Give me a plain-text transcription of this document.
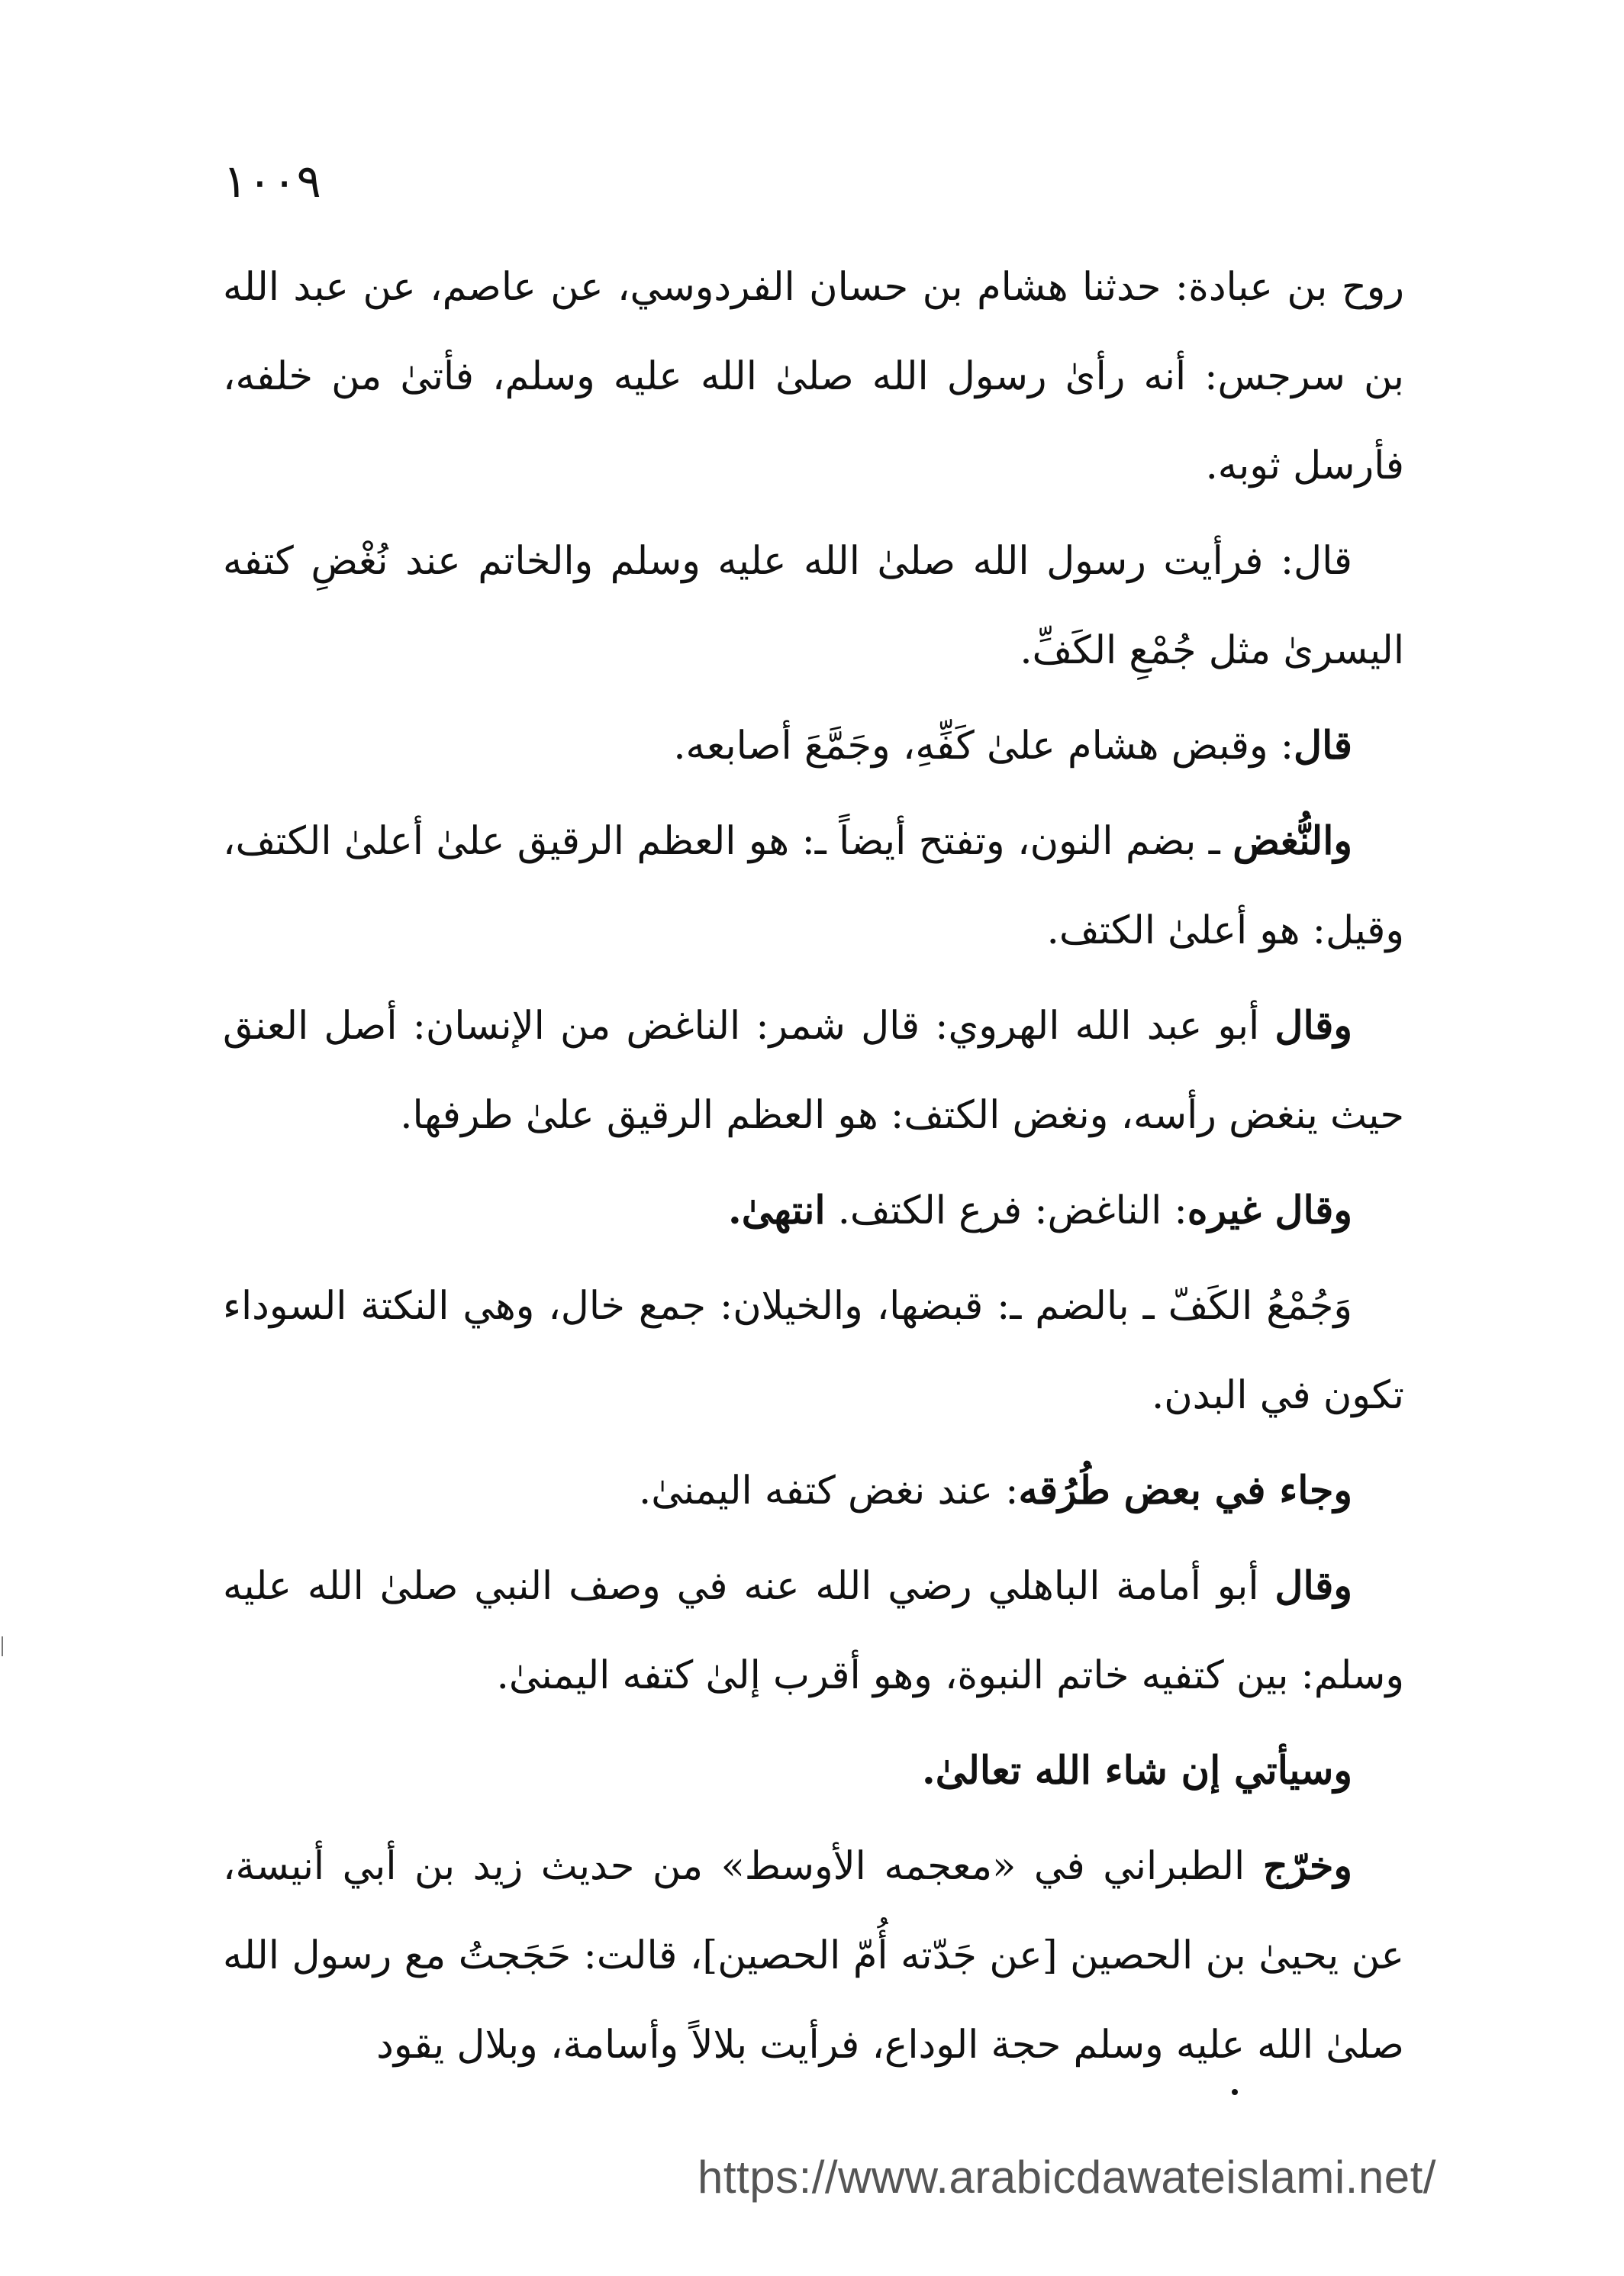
١٠٠٩

روح بن عبادة: حدثنا هشام بن حسان الفردوسي، عن عاصم، عن عبد الله بن سرجس: أنه رأىٰ رسول الله صلىٰ الله عليه وسلم، فأتىٰ من خلفه، فأرسل ثوبه.

قال: فرأيت رسول الله صلىٰ الله عليه وسلم والخاتم عند نُغْضِ كتفه اليسرىٰ مثل جُمْعِ الكَفِّ.

قال: وقبض هشام علىٰ كَفِّهِ، وجَمَّعَ أصابعه.

والنُّغض ـ بضم النون، وتفتح أيضاً ـ: هو العظم الرقيق علىٰ أعلىٰ الكتف، وقيل: هو أعلىٰ الكتف.

وقال أبو عبد الله الهروي: قال شمر: الناغض من الإنسان: أصل العنق حيث ينغض رأسه، ونغض الكتف: هو العظم الرقيق علىٰ طرفها.

وقال غيره: الناغض: فرع الكتف. انتهىٰ.

وَجُمْعُ الكَفّ ـ بالضم ـ: قبضها، والخيلان: جمع خال، وهي النكتة السوداء تكون في البدن.

وجاء في بعض طُرُقه: عند نغض كتفه اليمنىٰ.

وقال أبو أمامة الباهلي رضي الله عنه في وصف النبي صلىٰ الله عليه وسلم: بين كتفيه خاتم النبوة، وهو أقرب إلىٰ كتفه اليمنىٰ.

وسيأتي إن شاء الله تعالىٰ.

وخرّج الطبراني في «معجمه الأوسط» من حديث زيد بن أبي أنيسة، عن يحيىٰ بن الحصين [عن جَدّته أُمّ الحصين]، قالت: حَجَجتُ مع رسول الله صلىٰ الله عليه وسلم حجة الوداع، فرأيت بلالاً وأسامة، وبلال يقود

https://www.arabicdawateislami.net/
